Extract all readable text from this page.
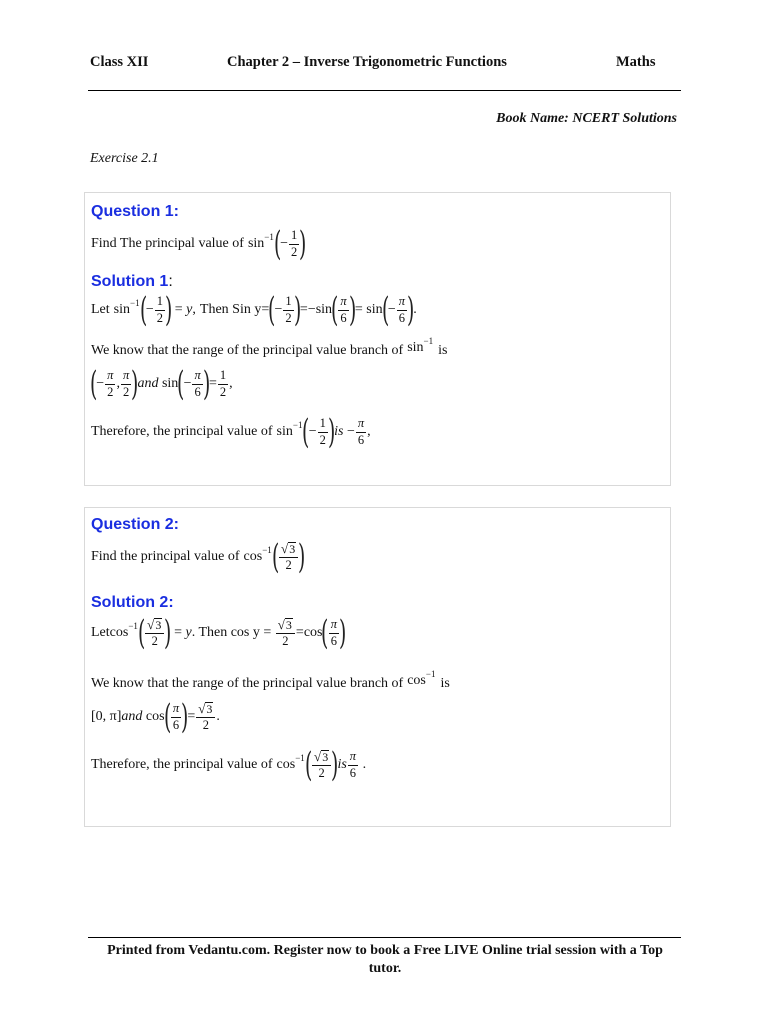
Class XII	Chapter 2 – Inverse Trigonometric Functions	Maths
Book Name: NCERT Solutions
Exercise 2.1
Question 1:
Find The principal value of sin −1 (
− $\frac{1}{2}$ )
Solution 1:
Let sin −1 (
− $\frac{1}{2}$ )
= y , Then Sin y=
(
− $\frac{1}{2}$ )
=−sin
( $\frac{\pi}{6}$ )
= sin
(
− $\frac{\pi}{6}$ )
.
We know that the range of the principal value branch of sin −1
is
(
− $\frac{\pi}{2}$ , $\frac{\pi}{2}$ )
and sin
(
− $\frac{\pi}{6}$ )
= $\frac{1}{2}$ ,
Therefore, the principal value of sin −1 (
− $\frac{1}{2}$ )
is − $\frac{\pi}{6}$ ,
Question 2:
Find the principal value of cos −1 ( $\frac{√ 3}{2}$ )
Solution 2:
Let cos −1 ( $\frac{√ 3}{2}$ )
= y . Then cos y =
$\frac{√ 3}{2} =\cos$
( $\frac{\pi}{6}$ )
We know that the range of the principal value branch of cos −1
is
[0, π] and cos
( $\frac{\pi}{6}$ )
= $\frac{√ 3}{2}$ .
Therefore, the principal value of cos −1 ( $\frac{√ 3}{2}$ )
is $\frac{\pi}{6}$ .
Printed from Vedantu.com. Register now to book a Free LIVE Online trial session with a Top tutor.
